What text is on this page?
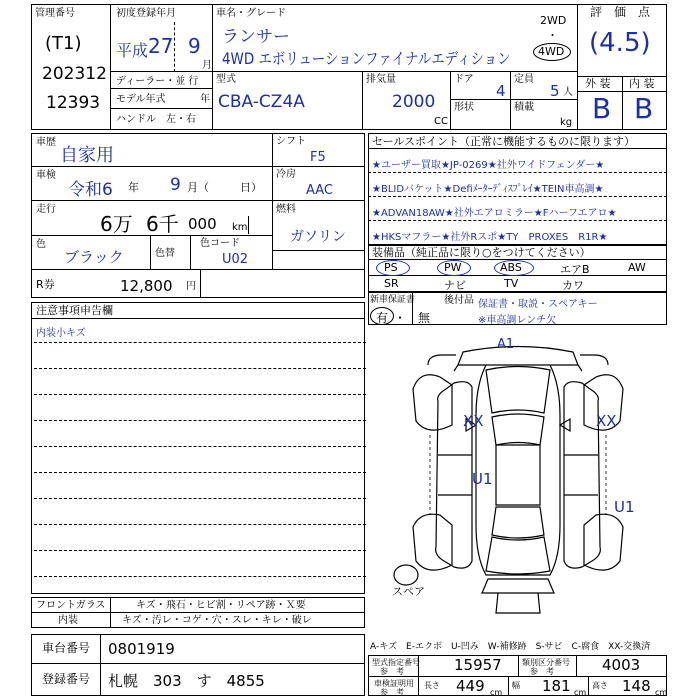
管理番号
(T1)
202312
12393
初度登録年月
平成 27 9
月
車名・グレード
ランサー
4WD エボリューションファイナルエディション
2WD
・
4WD
評　価　点
(4.5)
外 装 内 装
B B
ディーラー・並 行
モデル年式	年
ハンドル　左・右
型式
CBA-CZ4A
排気量
2000
CC
ドア
4
定員
5 人
形状	積載
kg
車歴
自家用
シフト
F5
車検
令和6 年 9 月（	日）
冷房
AAC
走行
6万 6千 000 km
燃料
ガソリン
色
ブラック	色替
色コード
U02
R券	12,800 円
セールスポイント（正常に機能するものに限ります）
★ユーザー買取★JP-0269★社外ワイドフェンダー★
★BLIDバケット★Defiﾒｰﾀｰﾃﾞｨｽﾌﾟﾚｲ★TEIN車高調★
★ADVAN18AW★社外エアロミラー★Fハーフエアロ★
★HKSマフラー★社外Rスポ★TY　PROXES　R1R★
装備品（純正品に限り○をつけてください）
PS	PW	ABS	エアB	AW
SR	ナビ	TV	カワ
新車保証書
有 ・ 無
後付品 保証書・取説・スペアキー
※車高調レンチ欠
注意事項申告欄
内装小キズ
A1
XX	XX
U1
U1
スペア
フロントガラス	キズ・飛石・ヒビ割・リペア跡・Ｘ要
内装	キズ・汚レ・コゲ・穴・スレ・キレ・破レ
車台番号 0801919
登録番号 札幌　303　す　4855
A-キズ　E-エクボ　U-凹み　W-補修跡　S-サビ　C-腐食　XX-交換済
型式指定番号
参　考	15957	類別区分番号
参　考	4003
車検証明用
参　考
長さ 449 cm
幅 181 cm
高さ 148 cm
